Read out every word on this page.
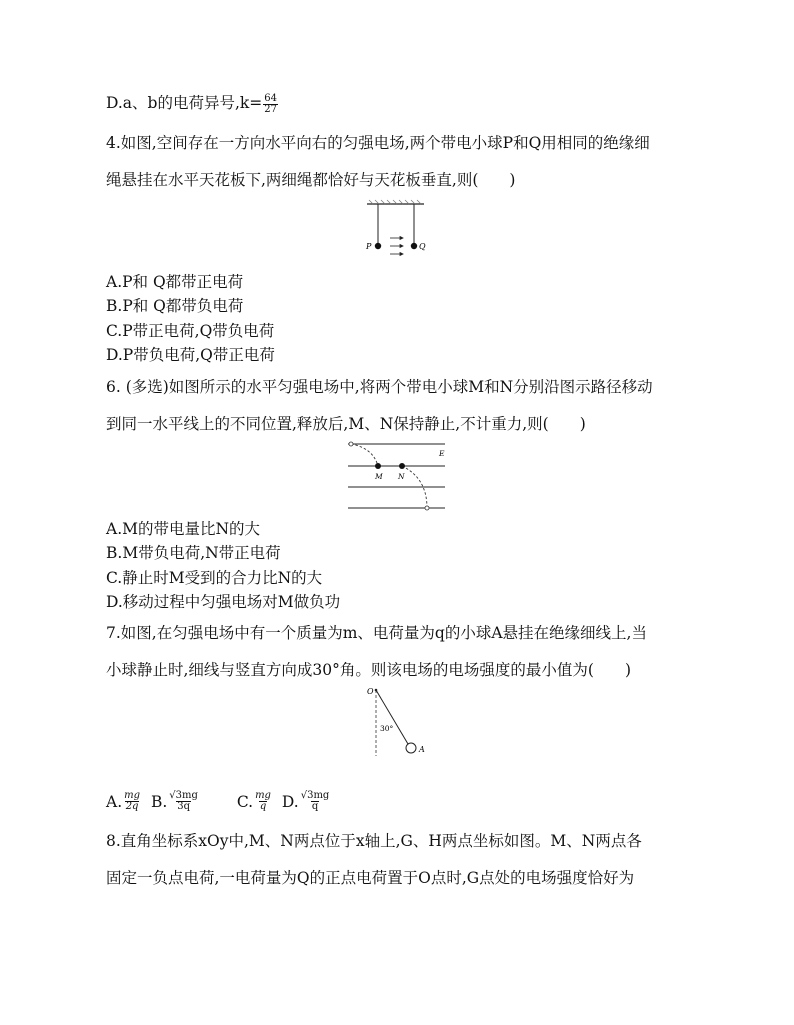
D.a、b的电荷异号$,k= \frac{64}{27}$
4.如图,空间存在一方向水平向右的匀强电场,两个带电小球P和Q用相同的绝缘细
绳悬挂在水平天花板下,两细绳都恰好与天花板垂直,则(　　)
P	Q
A.P和 Q都带正电荷
B.P和 Q都带负电荷
C.P带正电荷,Q带负电荷
D.P带负电荷,Q带正电荷
6. (多选)如图所示的水平匀强电场中,将两个带电小球M和N分别沿图示路径移动
到同一水平线上的不同位置,释放后,M、N保持静止,不计重力,则(　　)
M N
E
A.M的带电量比N的大
B.M带负电荷,N带正电荷
C.静止时M受到的合力比N的大
D.移动过程中匀强电场对M做负功
7.如图,在匀强电场中有一个质量为m、电荷量为q的小球A悬挂在绝缘细线上,当
小球静止时,细线与竖直方向成30°角。则该电场的电场强度的最小值为(　　)
O
30°
A
A. $\frac{mg}{2q}$
B. $\frac{√3mg}{3q}$
C. $\frac{mg}{q}$
D. $\frac{√3mg}{q}$
8.直角坐标系xOy中,M、N两点位于x轴上,G、H两点坐标如图。M、N两点各
固定一负点电荷,一电荷量为Q的正点电荷置于O点时,G点处的电场强度恰好为
